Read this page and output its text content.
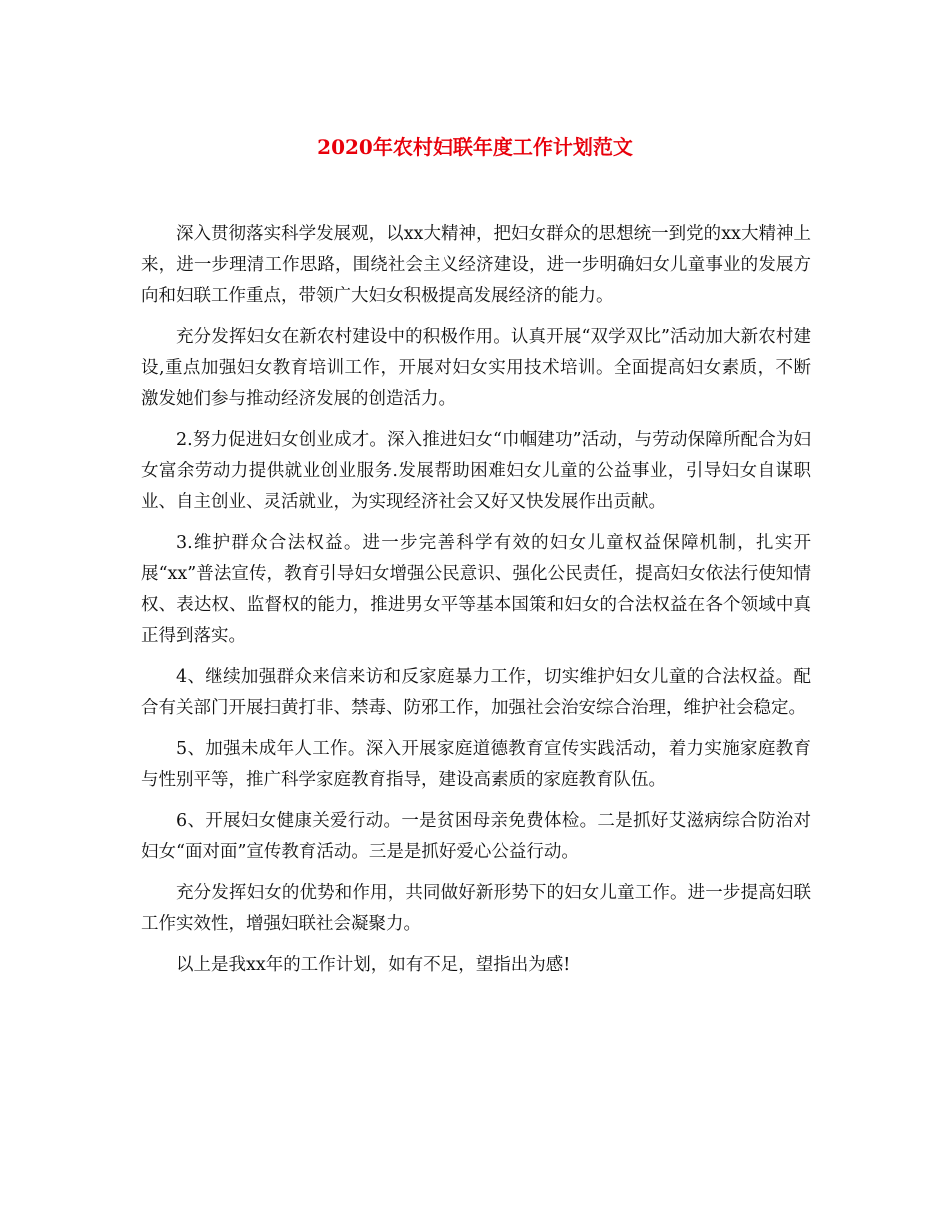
2020年农村妇联年度工作计划范文

深入贯彻落实科学发展观，以xx大精神，把妇女群众的思想统一到党的xx大精神上来，进一步理清工作思路，围绕社会主义经济建设，进一步明确妇女儿童事业的发展方向和妇联工作重点，带领广大妇女积极提高发展经济的能力。

充分发挥妇女在新农村建设中的积极作用。认真开展“双学双比”活动加大新农村建设,重点加强妇女教育培训工作，开展对妇女实用技术培训。全面提高妇女素质，不断激发她们参与推动经济发展的创造活力。

2.努力促进妇女创业成才。深入推进妇女“巾帼建功”活动，与劳动保障所配合为妇女富余劳动力提供就业创业服务.发展帮助困难妇女儿童的公益事业，引导妇女自谋职业、自主创业、灵活就业，为实现经济社会又好又快发展作出贡献。

3.维护群众合法权益。进一步完善科学有效的妇女儿童权益保障机制，扎实开展“xx”普法宣传，教育引导妇女增强公民意识、强化公民责任，提高妇女依法行使知情权、表达权、监督权的能力，推进男女平等基本国策和妇女的合法权益在各个领域中真正得到落实。

4、继续加强群众来信来访和反家庭暴力工作，切实维护妇女儿童的合法权益。配合有关部门开展扫黄打非、禁毒、防邪工作，加强社会治安综合治理，维护社会稳定。

5、加强未成年人工作。深入开展家庭道德教育宣传实践活动，着力实施家庭教育与性别平等，推广科学家庭教育指导，建设高素质的家庭教育队伍。

6、开展妇女健康关爱行动。一是贫困母亲免费体检。二是抓好艾滋病综合防治对妇女“面对面”宣传教育活动。三是是抓好爱心公益行动。

充分发挥妇女的优势和作用，共同做好新形势下的妇女儿童工作。进一步提高妇联工作实效性，增强妇联社会凝聚力。

以上是我xx年的工作计划，如有不足，望指出为感!
